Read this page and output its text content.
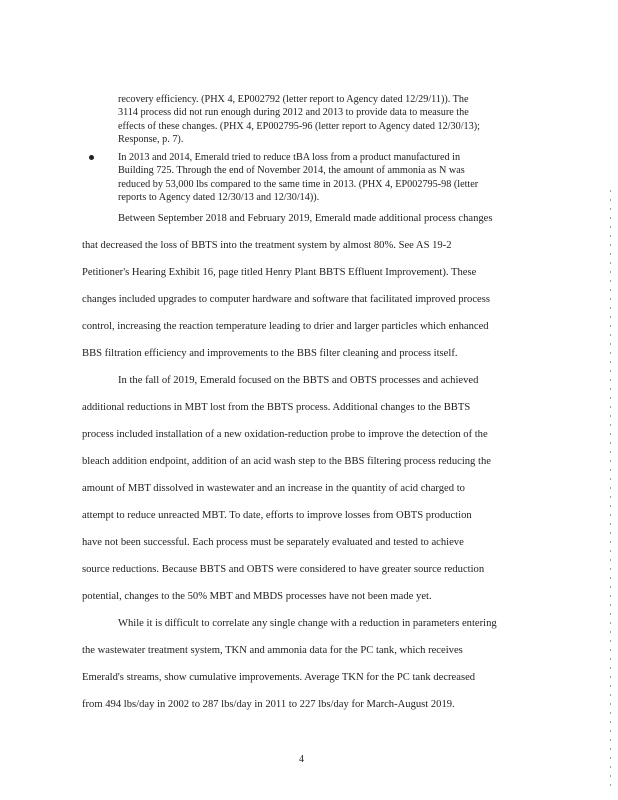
recovery efficiency. (PHX 4, EP002792 (letter report to Agency dated 12/29/11)). The
3114 process did not run enough during 2012 and 2013 to provide data to measure the
effects of these changes. (PHX 4, EP002795-96 (letter report to Agency dated 12/30/13);
Response, p. 7).
In 2013 and 2014, Emerald tried to reduce tBA loss from a product manufactured in
Building 725. Through the end of November 2014, the amount of ammonia as N was
reduced by 53,000 lbs compared to the same time in 2013. (PHX 4, EP002795-98 (letter
reports to Agency dated 12/30/13 and 12/30/14)).
Between September 2018 and February 2019, Emerald made additional process changes
that decreased the loss of BBTS into the treatment system by almost 80%. See AS 19-2
Petitioner's Hearing Exhibit 16, page titled Henry Plant BBTS Effluent Improvement). These
changes included upgrades to computer hardware and software that facilitated improved process
control, increasing the reaction temperature leading to drier and larger particles which enhanced
BBS filtration efficiency and improvements to the BBS filter cleaning and process itself.
In the fall of 2019, Emerald focused on the BBTS and OBTS processes and achieved
additional reductions in MBT lost from the BBTS process. Additional changes to the BBTS
process included installation of a new oxidation-reduction probe to improve the detection of the
bleach addition endpoint, addition of an acid wash step to the BBS filtering process reducing the
amount of MBT dissolved in wastewater and an increase in the quantity of acid charged to
attempt to reduce unreacted MBT. To date, efforts to improve losses from OBTS production
have not been successful. Each process must be separately evaluated and tested to achieve
source reductions. Because BBTS and OBTS were considered to have greater source reduction
potential, changes to the 50% MBT and MBDS processes have not been made yet.
While it is difficult to correlate any single change with a reduction in parameters entering
the wastewater treatment system, TKN and ammonia data for the PC tank, which receives
Emerald's streams, show cumulative improvements. Average TKN for the PC tank decreased
from 494 lbs/day in 2002 to 287 lbs/day in 2011 to 227 lbs/day for March-August 2019.
4
